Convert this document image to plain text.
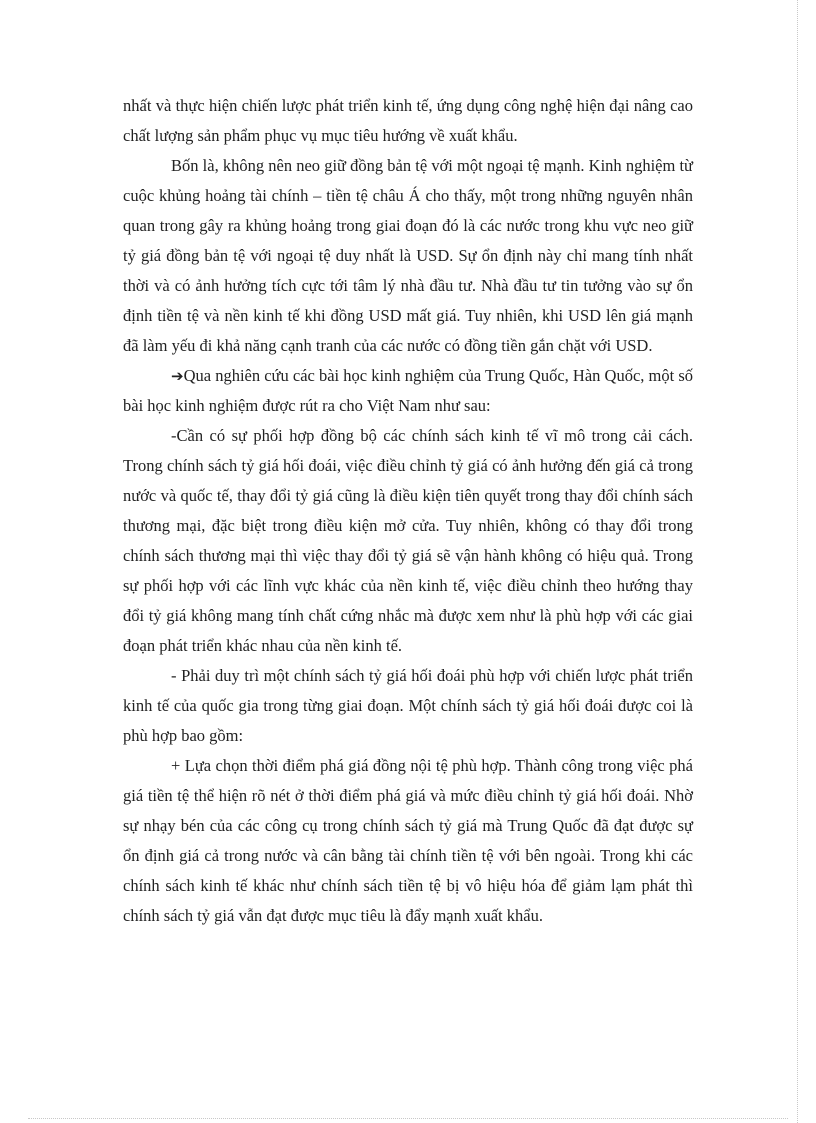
nhất và thực hiện chiến lược phát triển kinh tế, ứng dụng công nghệ hiện đại nâng cao chất lượng sản phẩm phục vụ mục tiêu hướng về xuất khẩu.

Bốn là, không nên neo giữ đồng bản tệ với một ngoại tệ mạnh. Kinh nghiệm từ cuộc khủng hoảng tài chính – tiền tệ châu Á cho thấy, một trong những nguyên nhân quan trong gây ra khủng hoảng trong giai đoạn đó là các nước trong khu vực neo giữ tỷ giá đồng bản tệ với ngoại tệ duy nhất là USD. Sự ổn định này chỉ mang tính nhất thời và có ảnh hưởng tích cực tới tâm lý nhà đầu tư. Nhà đầu tư tin tưởng vào sự ổn định tiền tệ và nền kinh tế khi đồng USD mất giá. Tuy nhiên, khi USD lên giá mạnh đã làm yếu đi khả năng cạnh tranh của các nước có đồng tiền gắn chặt với USD.

➔Qua nghiên cứu các bài học kinh nghiệm của Trung Quốc, Hàn Quốc, một số bài học kinh nghiệm được rút ra cho Việt Nam như sau:

-Cần có sự phối hợp đồng bộ các chính sách kinh tế vĩ mô trong cải cách. Trong chính sách tỷ giá hối đoái, việc điều chỉnh tỷ giá có ảnh hưởng đến giá cả trong nước và quốc tế, thay đổi tỷ giá cũng là điều kiện tiên quyết trong thay đổi chính sách thương mại, đặc biệt trong điều kiện mở cửa. Tuy nhiên, không có thay đổi trong chính sách thương mại thì việc thay đổi tỷ giá sẽ vận hành không có hiệu quả. Trong sự phối hợp với các lĩnh vực khác của nền kinh tế, việc điều chỉnh theo hướng thay đổi tỷ giá không mang tính chất cứng nhắc mà được xem như là phù hợp với các giai đoạn phát triển khác nhau của nền kinh tế.

- Phải duy trì một chính sách tỷ giá hối đoái phù hợp với chiến lược phát triển kinh tế của quốc gia trong từng giai đoạn. Một chính sách tỷ giá hối đoái được coi là phù hợp bao gồm:

+ Lựa chọn thời điểm phá giá đồng nội tệ phù hợp. Thành công trong việc phá giá tiền tệ thể hiện rõ nét ở thời điểm phá giá và mức điều chỉnh tỷ giá hối đoái. Nhờ sự nhạy bén của các công cụ trong chính sách tỷ giá mà Trung Quốc đã đạt được sự ổn định giá cả trong nước và cân bằng tài chính tiền tệ với bên ngoài. Trong khi các chính sách kinh tế khác như chính sách tiền tệ bị vô hiệu hóa để giảm lạm phát thì chính sách tỷ giá vẫn đạt được mục tiêu là đẩy mạnh xuất khẩu.
